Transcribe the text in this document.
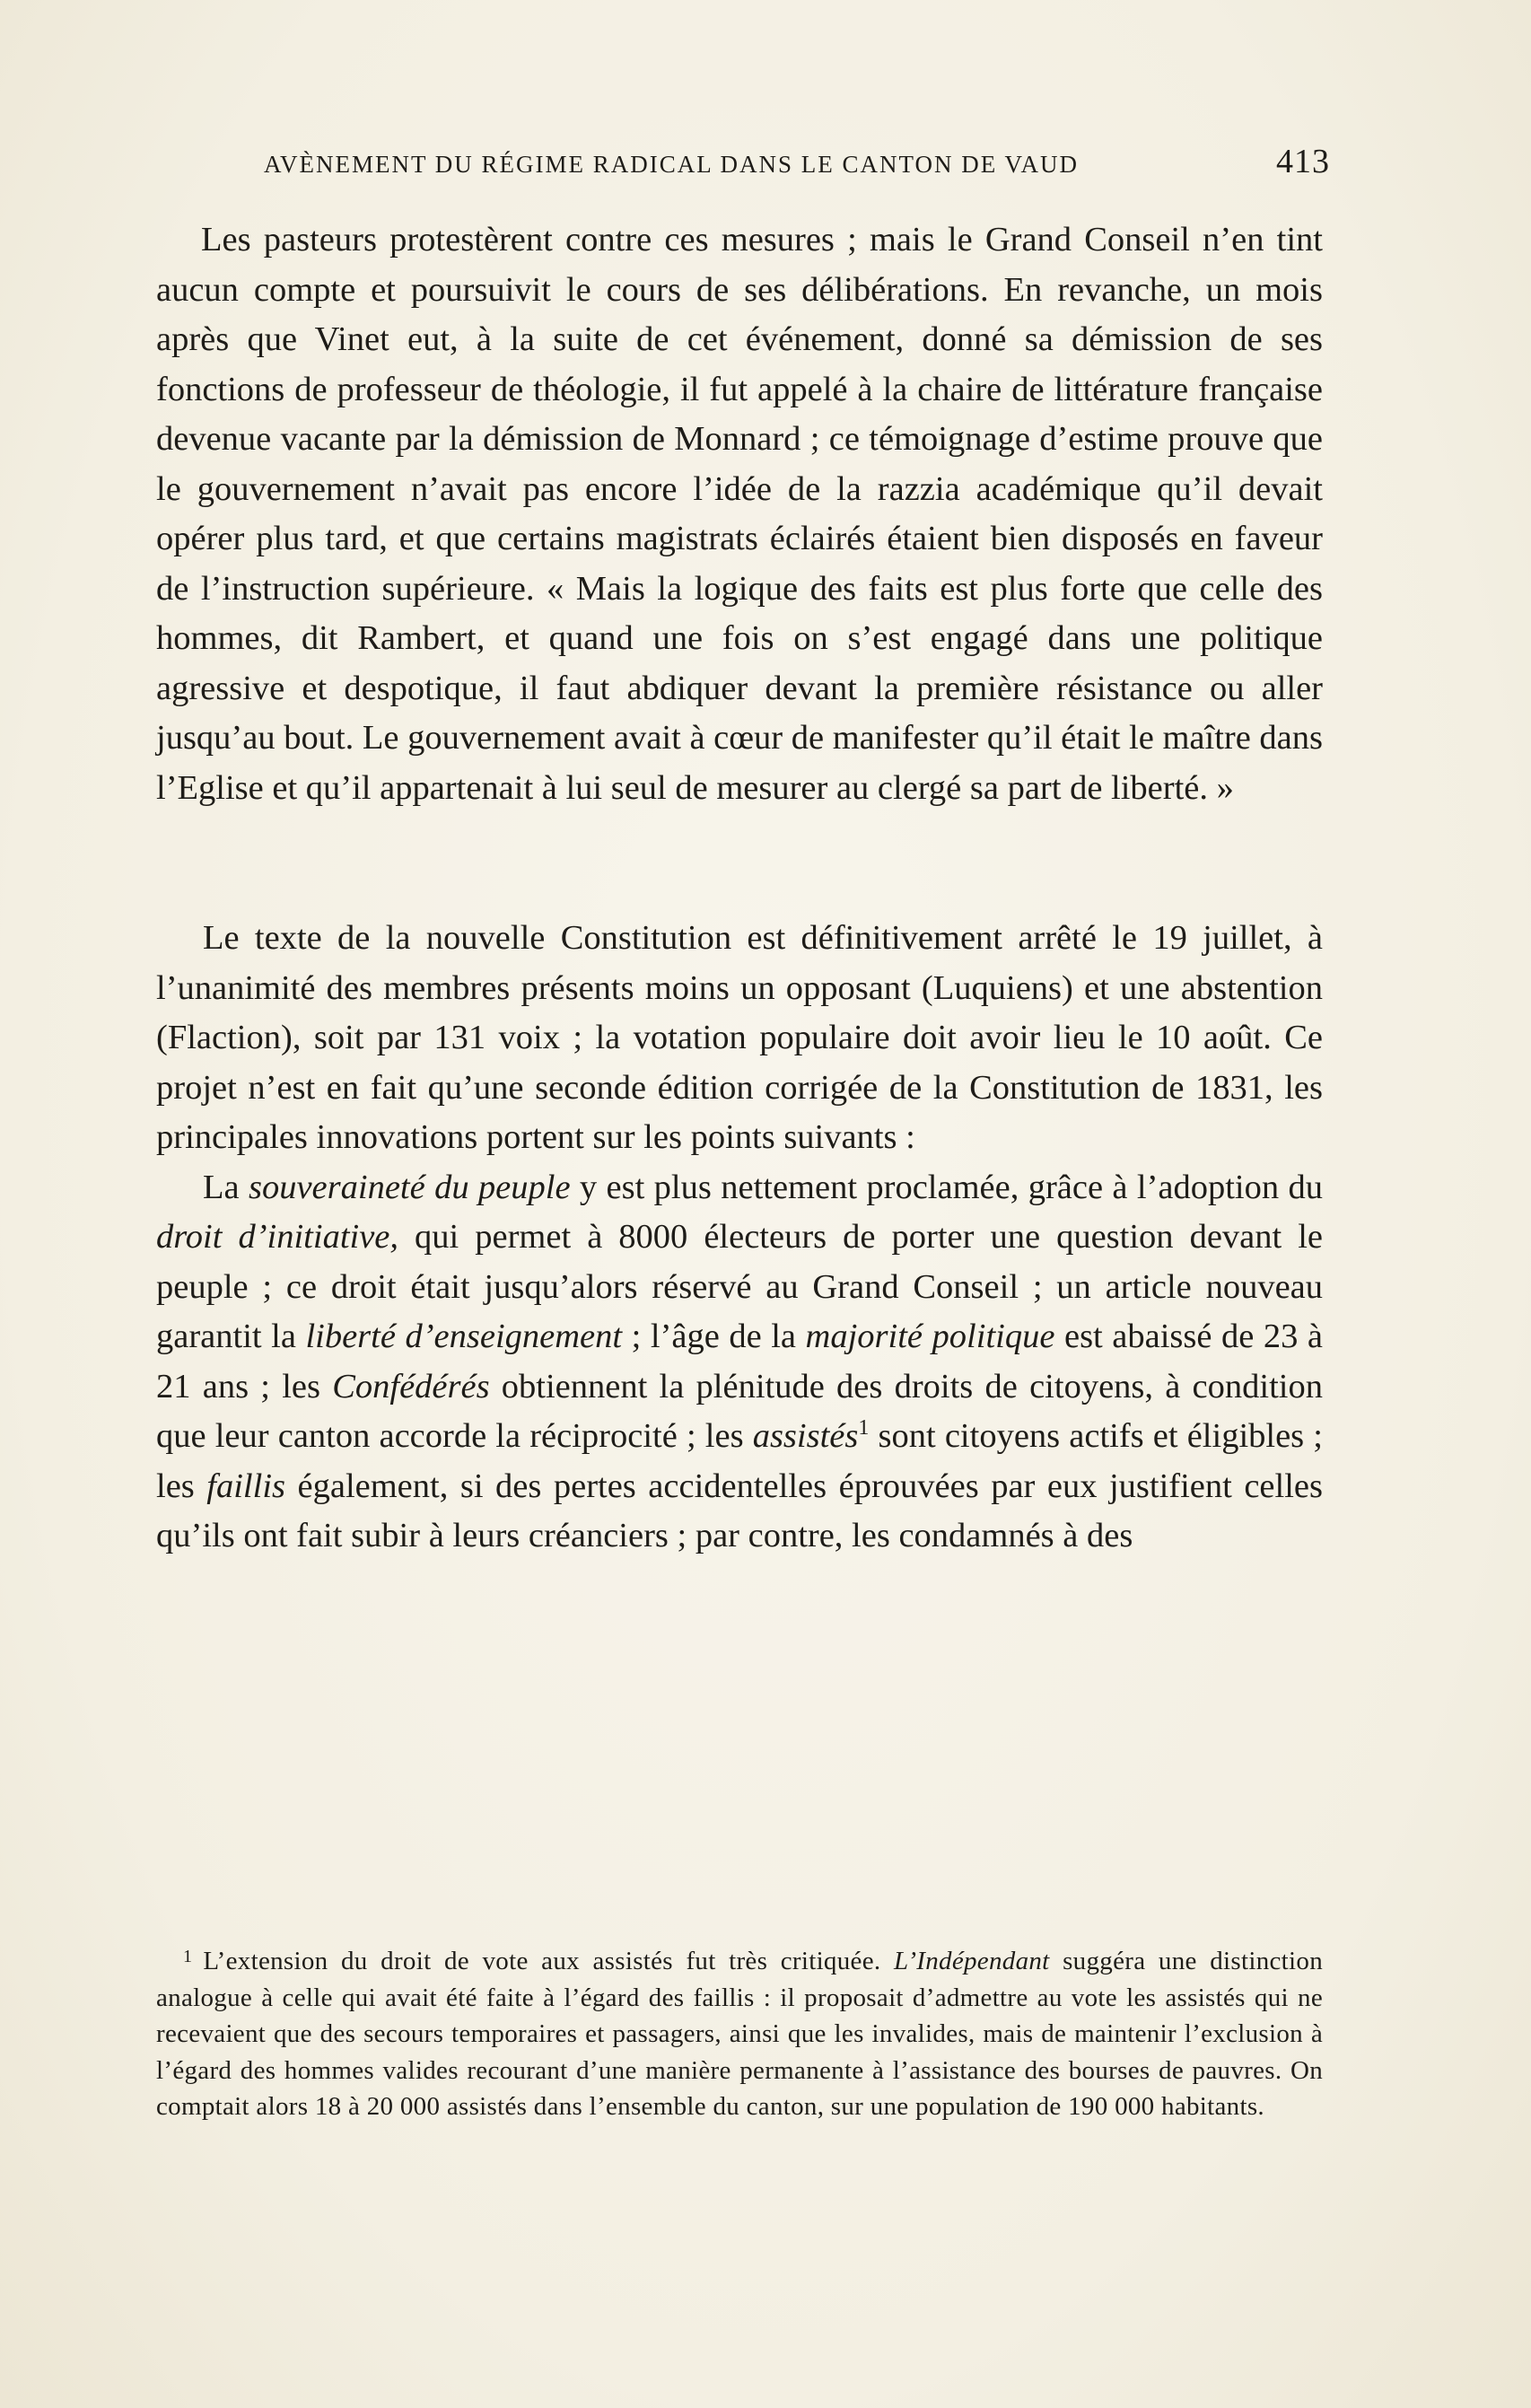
AVÈNEMENT DU RÉGIME RADICAL DANS LE CANTON DE VAUD	413

Les pasteurs protestèrent contre ces mesures ; mais le Grand Conseil n’en tint aucun compte et poursuivit le cours de ses délibérations. En revanche, un mois après que Vinet eut, à la suite de cet événement, donné sa démission de ses fonctions de professeur de théologie, il fut appelé à la chaire de littérature française devenue vacante par la démission de Monnard ; ce témoignage d’estime prouve que le gouvernement n’avait pas encore l’idée de la razzia académique qu’il devait opérer plus tard, et que certains magistrats éclairés étaient bien disposés en faveur de l’instruction supérieure. « Mais la logique des faits est plus forte que celle des hommes, dit Rambert, et quand une fois on s’est engagé dans une politique agressive et despotique, il faut abdiquer devant la première résistance ou aller jusqu’au bout. Le gouvernement avait à cœur de manifester qu’il était le maître dans l’Eglise et qu’il appartenait à lui seul de mesurer au clergé sa part de liberté. »

Le texte de la nouvelle Constitution est définitivement arrêté le 19 juillet, à l’unanimité des membres présents moins un opposant (Luquiens) et une abstention (Flaction), soit par 131 voix ; la votation populaire doit avoir lieu le 10 août. Ce projet n’est en fait qu’une seconde édition corrigée de la Constitution de 1831, les principales innovations portent sur les points suivants :

La souveraineté du peuple y est plus nettement proclamée, grâce à l’adoption du droit d’initiative, qui permet à 8000 électeurs de porter une question devant le peuple ; ce droit était jusqu’alors réservé au Grand Conseil ; un article nouveau garantit la liberté d’enseignement ; l’âge de la majorité politique est abaissé de 23 à 21 ans ; les Confédérés obtiennent la plénitude des droits de citoyens, à condition que leur canton accorde la réciprocité ; les assistés$^1$ sont citoyens actifs et éligibles ; les faillis également, si des pertes accidentelles éprouvées par eux justifient celles qu’ils ont fait subir à leurs créanciers ; par contre, les condamnés à des

$^1$ L’extension du droit de vote aux assistés fut très critiquée. L’Indépendant suggéra une distinction analogue à celle qui avait été faite à l’égard des faillis : il proposait d’admettre au vote les assistés qui ne recevaient que des secours temporaires et passagers, ainsi que les invalides, mais de maintenir l’exclusion à l’égard des hommes valides recourant d’une manière permanente à l’assistance des bourses de pauvres. On comptait alors 18 à 20 000 assistés dans l’ensemble du canton, sur une population de 190 000 habitants.
